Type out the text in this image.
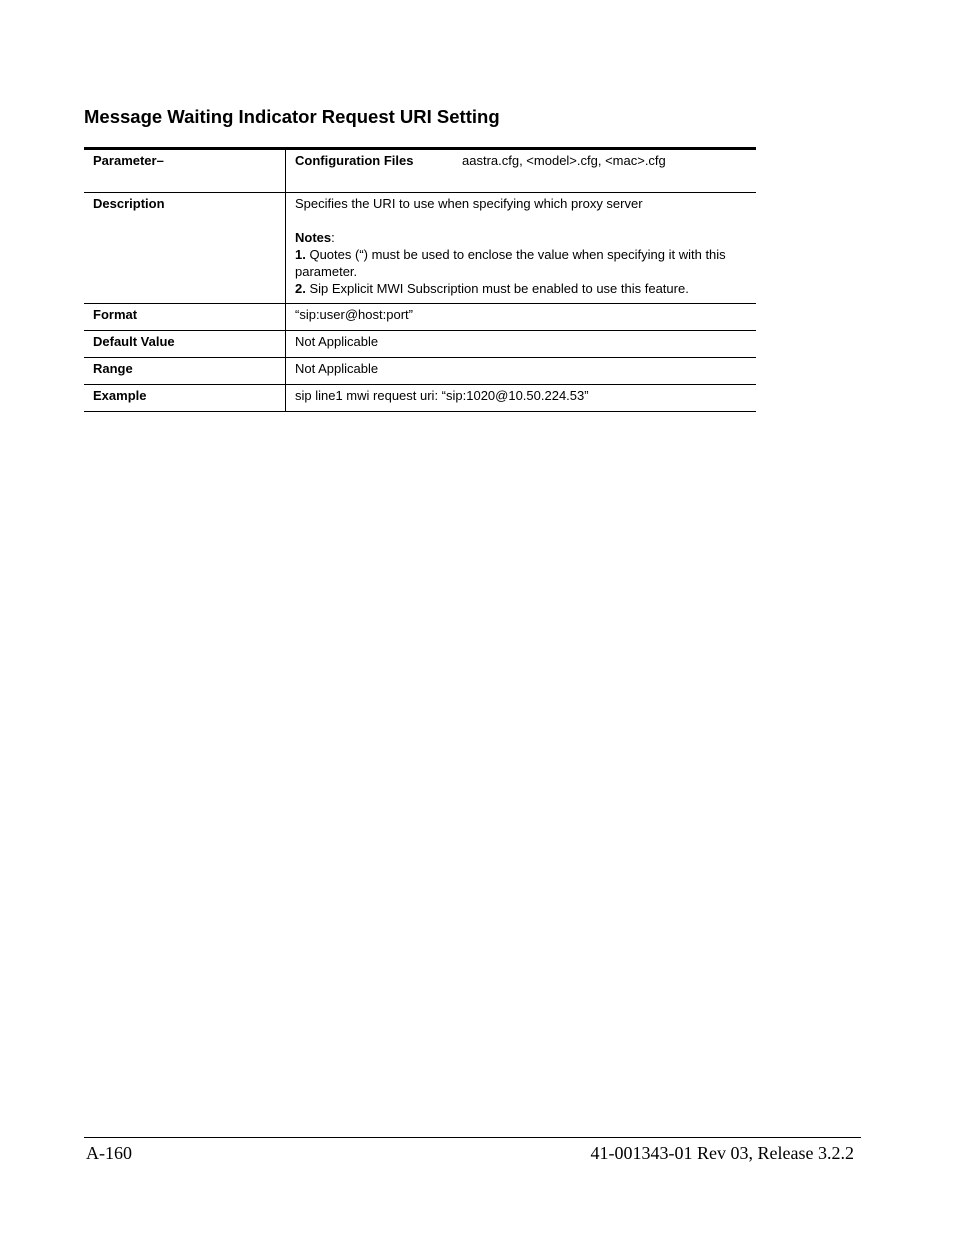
Message Waiting Indicator Request URI Setting
Parameter–	Configuration Files aastra.cfg, <model>.cfg, <mac>.cfg
Description	Specifies the URI to use when specifying which proxy server
Notes:
1. Quotes (“) must be used to enclose the value when specifying it with this parameter.
2. Sip Explicit MWI Subscription must be enabled to use this feature.

Format	“sip:user@host:port”
Default Value	Not Applicable
Range	Not Applicable
Example	sip line1 mwi request uri: “sip:1020@10.50.224.53”
A-160	41-001343-01 Rev 03, Release 3.2.2
